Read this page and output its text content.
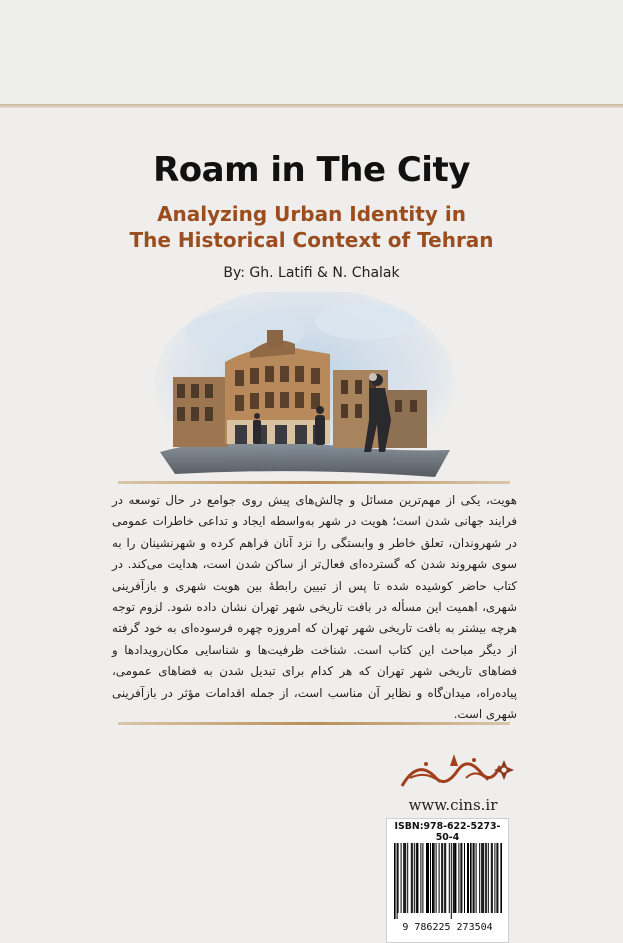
Roam in The City
Analyzing Urban Identity in
The Historical Context of Tehran
By: Gh. Latifi & N. Chalak
هویت، یکی از مهم‌ترین مسائل و چالش‌های پیش روی جوامع در حال توسعه در فرایند جهانی شدن است؛ هویت در شهر به‌واسطه ایجاد و تداعی خاطرات عمومی در شهروندان، تعلق خاطر و وابستگی را نزد آنان فراهم کرده و شهرنشینان را به سوی شهروند شدن که گسترده‌ای فعال‌تر از ساکن شدن است، هدایت می‌کند. در کتاب حاضر کوشیده شده تا پس از تبیین رابطهٔ بین هویت شهری و بازآفرینی شهری، اهمیت این مسأله در بافت تاریخی شهر تهران نشان داده شود. لزوم توجه هرچه بیشتر به بافت تاریخی شهر تهران که امروزه چهره فرسوده‌ای به خود گرفته از دیگر مباحث این کتاب است. شناخت ظرفیت‌ها و شناسایی مکان‌رویدادها و فضاهای تاریخی شهر تهران که هر کدام برای تبدیل شدن به فضاهای عمومی، پیاده‌راه، میدان‌گاه و نظایر آن مناسب است، از جمله اقدامات مؤثر در بازآفرینی شهری است.
www.cins.ir
ISBN:978-622-5273-50-4
9 786225 273504
